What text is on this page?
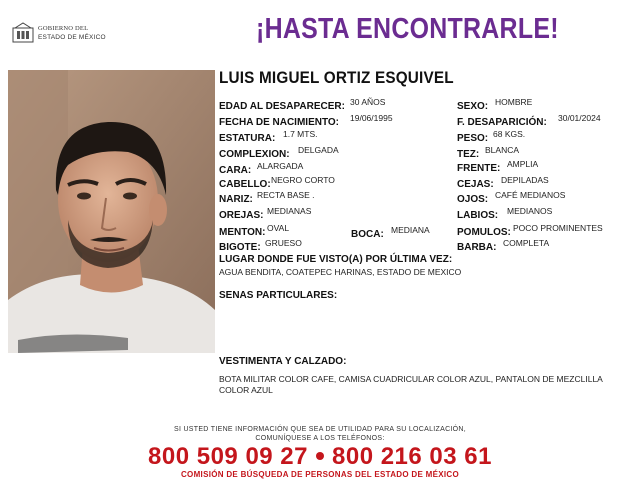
GOBIERNO DEL
ESTADO DE MÉXICO	¡HASTA ENCONTRARLE!
LUIS MIGUEL ORTIZ ESQUIVEL
EDAD AL DESAPARECER: 30 AÑOS
FECHA DE NACIMIENTO: 19/06/1995
ESTATURA: 1.7 MTS.
COMPLEXION: DELGADA
CARA: ALARGADA
CABELLO: NEGRO CORTO
NARIZ: RECTA BASE .
OREJAS: MEDIANAS
MENTON: OVAL
BOCA: MEDIANA
BIGOTE: GRUESO
SEXO: HOMBRE
F. DESAPARICIÓN: 30/01/2024
PESO: 68 KGS.
TEZ: BLANCA
FRENTE: AMPLIA
CEJAS: DEPILADAS
OJOS: CAFÉ MEDIANOS
LABIOS: MEDIANOS
POMULOS: POCO PROMINENTES
BARBA: COMPLETA
LUGAR DONDE FUE VISTO(A) POR ÚLTIMA VEZ:
AGUA BENDITA, COATEPEC HARINAS, ESTADO DE MEXICO
SENAS PARTICULARES:
VESTIMENTA Y CALZADO:
BOTA MILITAR COLOR CAFE, CAMISA CUADRICULAR COLOR AZUL, PANTALON DE MEZCLILLA COLOR AZUL
SI USTED TIENE INFORMACIÓN QUE SEA DE UTILIDAD PARA SU LOCALIZACIÓN,
COMUNÍQUESE A LOS TELÉFONOS:
800 509 09 27 800 216 03 61
COMISIÓN DE BÚSQUEDA DE PERSONAS DEL ESTADO DE MÉXICO
